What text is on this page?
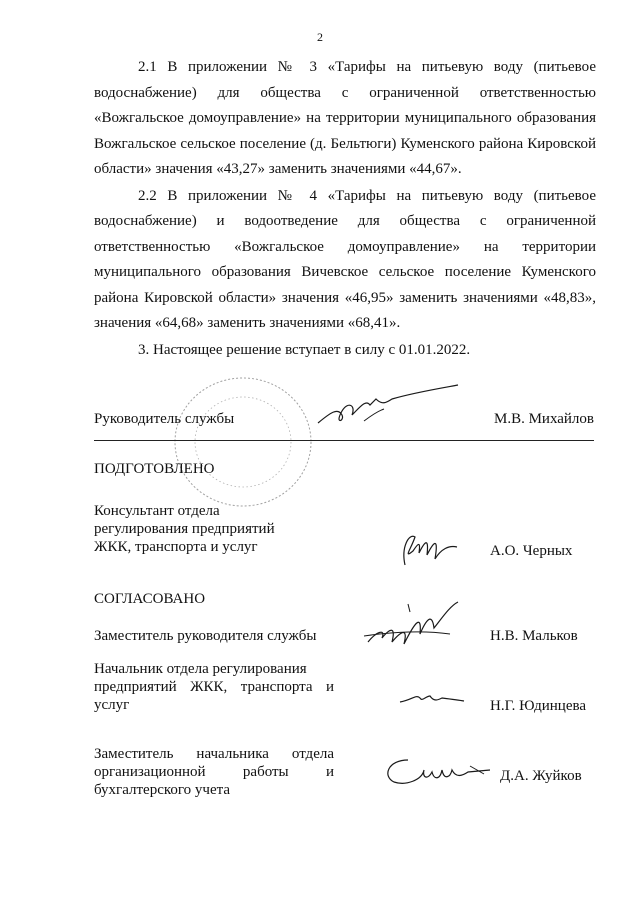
2

2.1 В приложении № 3 «Тарифы на питьевую воду (питьевое водоснабжение) для общества с ограниченной ответственностью «Вожгальское домоуправление» на территории муниципального образования Вожгальское сельское поселение (д. Бельтюги) Куменского района Кировской области» значения «43,27» заменить значениями «44,67».

2.2 В приложении № 4 «Тарифы на питьевую воду (питьевое водоснабжение) и водоотведение для общества с ограниченной ответственностью «Вожгальское домоуправление» на территории муниципального образования Вичевское сельское поселение Куменского района Кировской области» значения «46,95» заменить значениями «48,83», значения «64,68» заменить значениями «68,41».

3. Настоящее решение вступает в силу с 01.01.2022.

Руководитель службы	М.В. Михайлов
ПОДГОТОВЛЕНО
Консультант отдела
регулирования предприятий
ЖКК, транспорта и услуг	А.О. Черных
СОГЛАСОВАНО
Заместитель руководителя службы	Н.В. Мальков
Начальник отдела регулирования
предприятий ЖКК, транспорта и
услуг	Н.Г. Юдинцева
Заместитель начальника отдела
организационной работы и
бухгалтерского учета
Д.А. Жуйков
